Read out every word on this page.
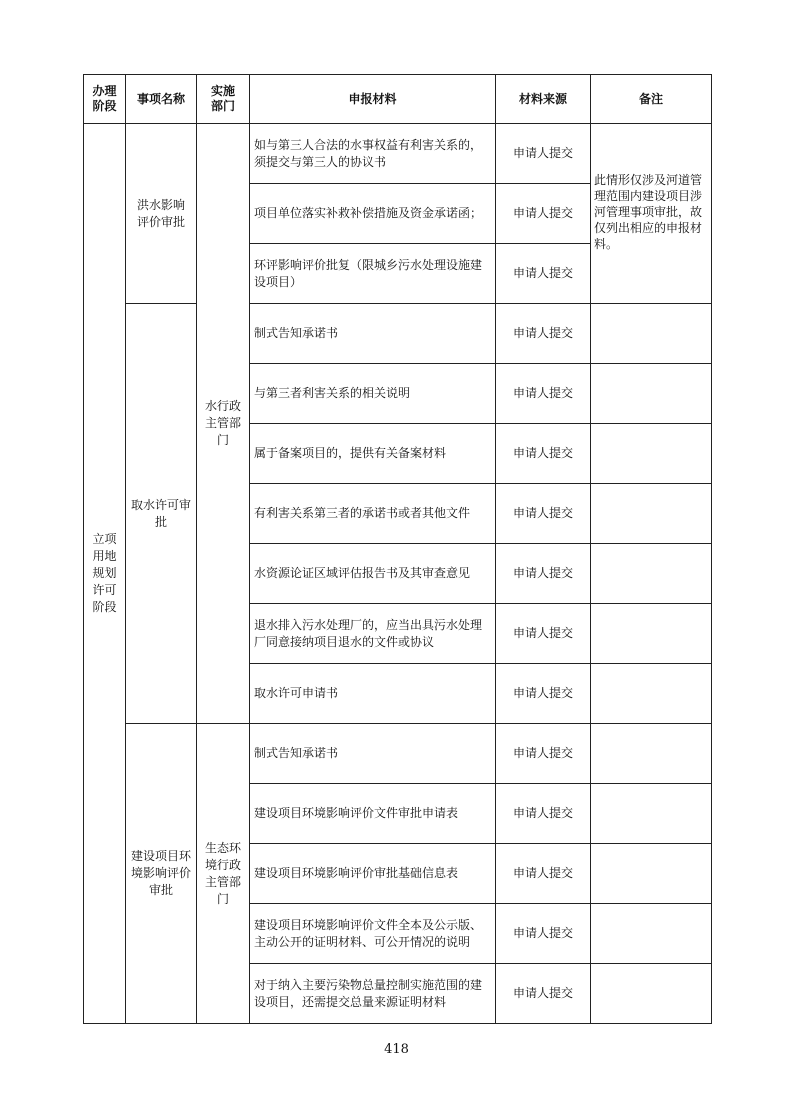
办理阶段	事项名称	实施部门	申报材料	材料来源	备注
立项用地规划许可阶段	洪水影响评价审批	水行政主管部门	如与第三人合法的水事权益有利害关系的，须提交与第三人的协议书	申请人提交	此情形仅涉及河道管理范围内建设项目涉河管理事项审批，故仅列出相应的申报材料。
			项目单位落实补救补偿措施及资金承诺函；	申请人提交	
			环评影响评价批复（限城乡污水处理设施建设项目）	申请人提交	
	取水许可审批		制式告知承诺书	申请人提交	
			与第三者利害关系的相关说明	申请人提交	
			属于备案项目的，提供有关备案材料	申请人提交	
			有利害关系第三者的承诺书或者其他文件	申请人提交	
			水资源论证区域评估报告书及其审查意见	申请人提交	
			退水排入污水处理厂的，应当出具污水处理厂同意接纳项目退水的文件或协议	申请人提交	
			取水许可申请书	申请人提交	
	建设项目环境影响评价审批	生态环境行政主管部门	制式告知承诺书	申请人提交	
			建设项目环境影响评价文件审批申请表	申请人提交	
			建设项目环境影响评价审批基础信息表	申请人提交	
			建设项目环境影响评价文件全本及公示版、主动公开的证明材料、可公开情况的说明	申请人提交	
			对于纳入主要污染物总量控制实施范围的建设项目，还需提交总量来源证明材料	申请人提交	
418
